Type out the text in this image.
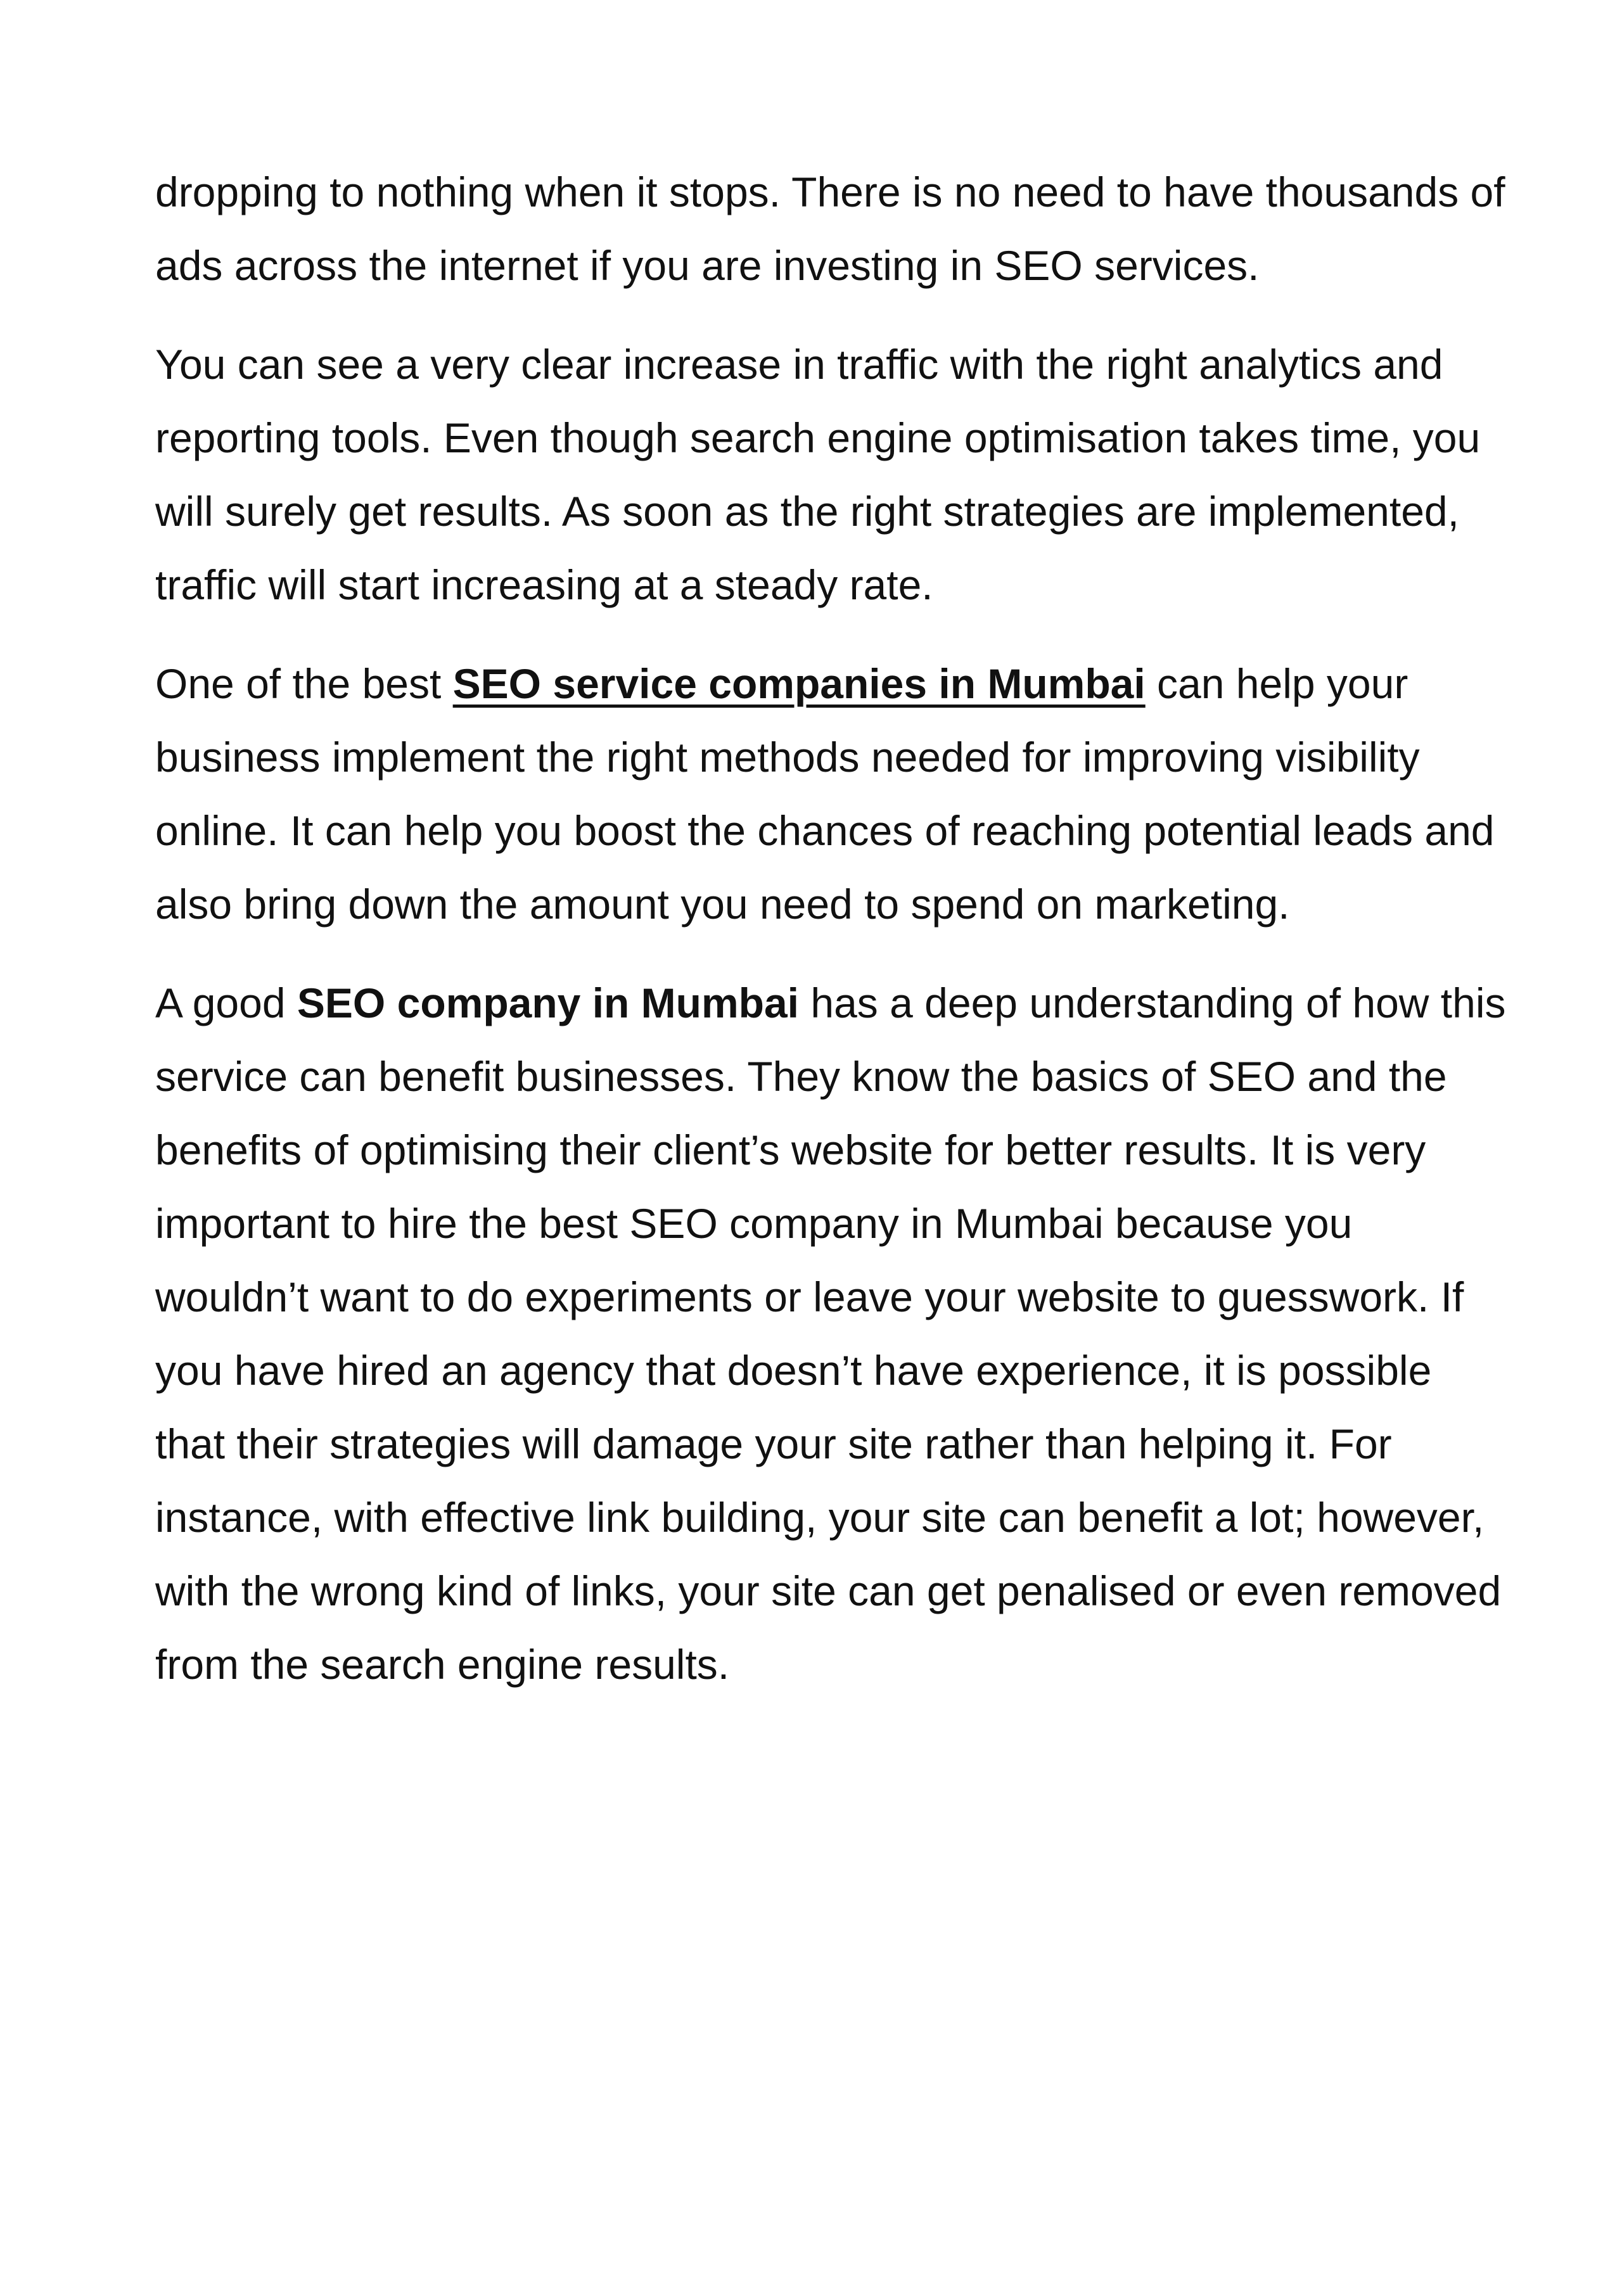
dropping to nothing when it stops. There is no need to have thousands of ads across the internet if you are investing in SEO services.

You can see a very clear increase in traffic with the right analytics and reporting tools. Even though search engine optimisation takes time, you will surely get results. As soon as the right strategies are implemented, traffic will start increasing at a steady rate.

One of the best SEO service companies in Mumbai can help your business implement the right methods needed for improving visibility online. It can help you boost the chances of reaching potential leads and also bring down the amount you need to spend on marketing.

A good SEO company in Mumbai has a deep understanding of how this service can benefit businesses. They know the basics of SEO and the benefits of optimising their client’s website for better results. It is very important to hire the best SEO company in Mumbai because you wouldn’t want to do experiments or leave your website to guesswork. If you have hired an agency that doesn’t have experience, it is possible that their strategies will damage your site rather than helping it. For instance, with effective link building, your site can benefit a lot; however, with the wrong kind of links, your site can get penalised or even removed from the search engine results.
